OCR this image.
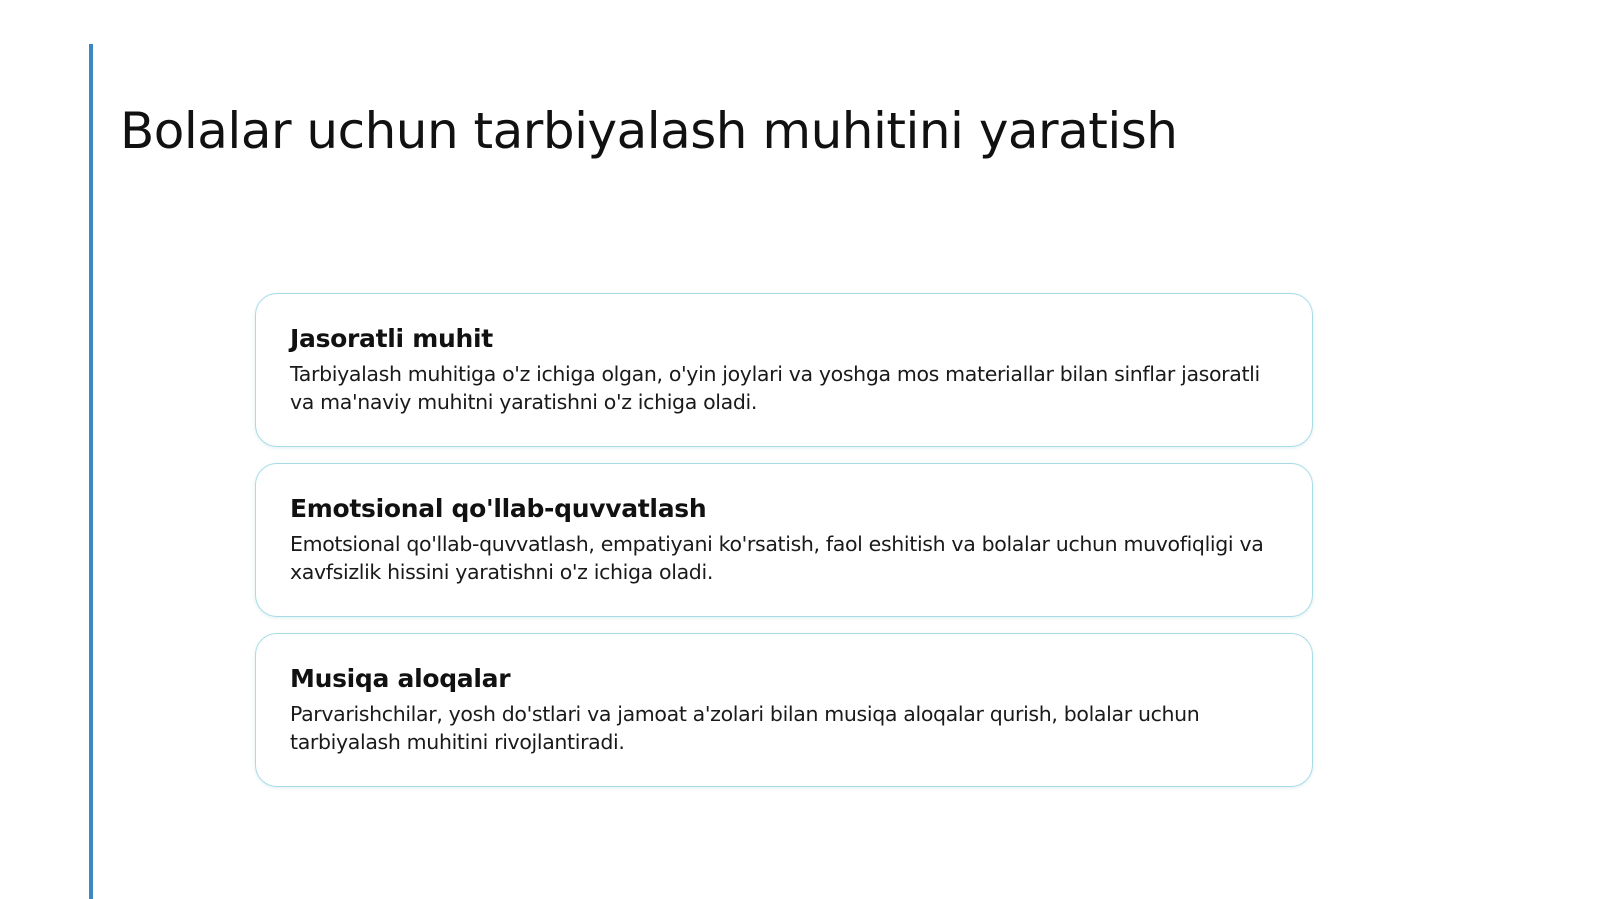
Bolalar uchun tarbiyalash muhitini yaratish
Jasoratli muhit

Tarbiyalash muhitiga o'z ichiga olgan, o'yin joylari va yoshga mos materiallar bilan sinflar jasoratli va ma'naviy muhitni yaratishni o'z ichiga oladi.

Emotsional qo'llab-quvvatlash

Emotsional qo'llab-quvvatlash, empatiyani ko'rsatish, faol eshitish va bolalar uchun muvofiqligi va xavfsizlik hissini yaratishni o'z ichiga oladi.

Musiqa aloqalar

Parvarishchilar, yosh do'stlari va jamoat a'zolari bilan musiqa aloqalar qurish, bolalar uchun tarbiyalash muhitini rivojlantiradi.
